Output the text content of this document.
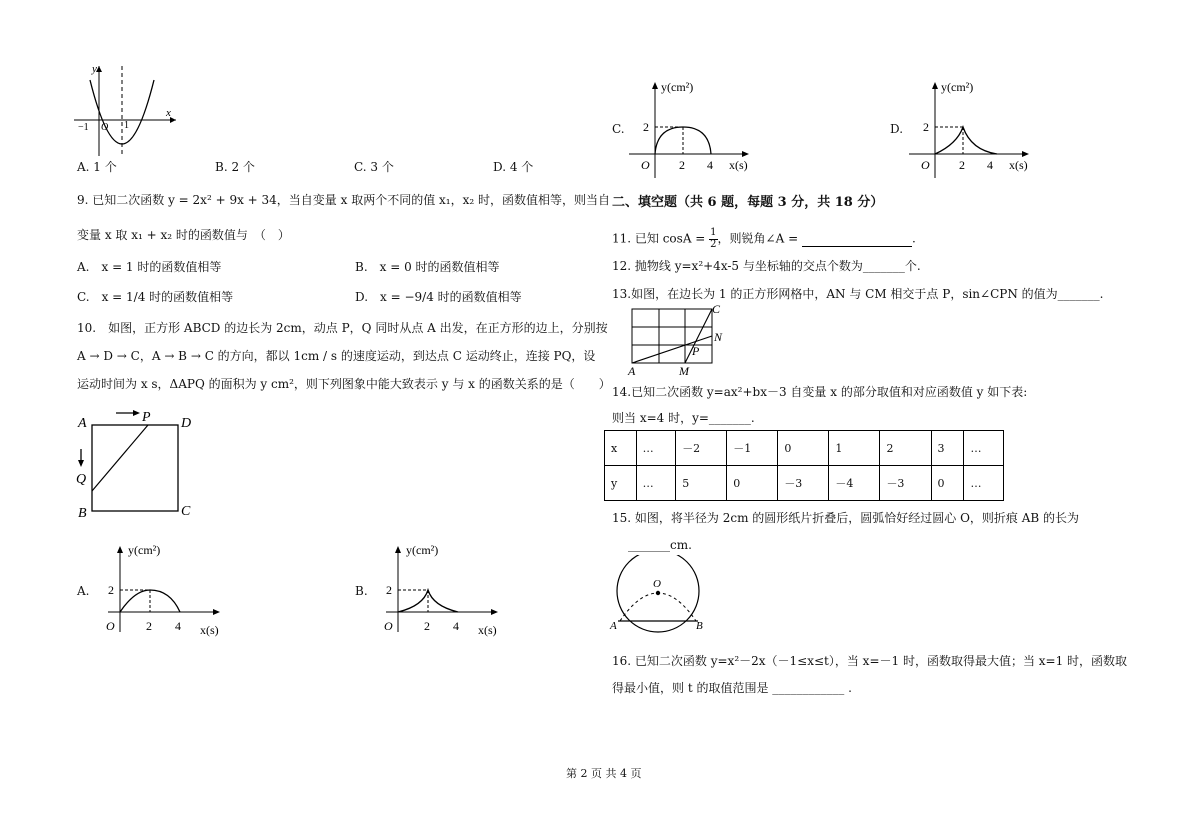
y
x
−1 O 1
A. 1 个	B. 2 个	C. 3 个	D. 4 个
9. 已知二次函数 y = 2x² + 9x + 34，当自变量 x 取两个不同的值 x₁，x₂ 时，函数值相等，则当自
变量 x 取 x₁ + x₂ 时的函数值与　（　）
A.　x = 1 时的函数值相等	B.　x = 0 时的函数值相等
C.　x = 1/4 时的函数值相等	D.　x = −9/4 时的函数值相等
10.　如图，正方形 ABCD 的边长为 2cm，动点 P，Q 同时从点 A 出发，在正方形的边上，分别按
A → D → C，A → B → C 的方向，都以 1cm / s 的速度运动，到达点 C 运动终止，连接 PQ，设
运动时间为 x s，ΔAPQ 的面积为 y cm²，则下列图象中能大致表示 y 与 x 的函数关系的是（　　）
A	P D
Q
B	C
A.
y(cm²)
2
O	2 4 x(s)
B.
y(cm²)
2
O	2 4 x(s)
C.
y(cm²)
2
O 2 4 x(s)
D.
y(cm²)
2
O 2 4 x(s)
二、填空题（共 6 题，每题 3 分，共 18 分）
11. 已知 $\cos A = \frac{1}{2}$ ，则锐角∠A =	.
12. 抛物线 y=x²+4x-5 与坐标轴的交点个数为_______个.
13.如图，在边长为 1 的正方形网格中，AN 与 CM 相交于点 P，sin∠CPN 的值为_______.
C
N
P
A	M
14.已知二次函数 y=ax²+bx－3 自变量 x 的部分取值和对应函数值 y 如下表:
则当 x=4 时，y=_______.
x	…	－2	－1	0	1	2	3	…
y	…	5	0	－3	－4	－3	0	…
15. 如图，将半径为 2cm 的圆形纸片折叠后，圆弧恰好经过圆心 O，则折痕 AB 的长为
_______cm.
O
A	B
16. 已知二次函数 y=x²－2x（－1≤x≤t），当 x=－1 时，函数取得最大值；当 x=1 时，函数取
得最小值，则 t 的取值范围是 ____________ .
第 2 页 共 4 页
